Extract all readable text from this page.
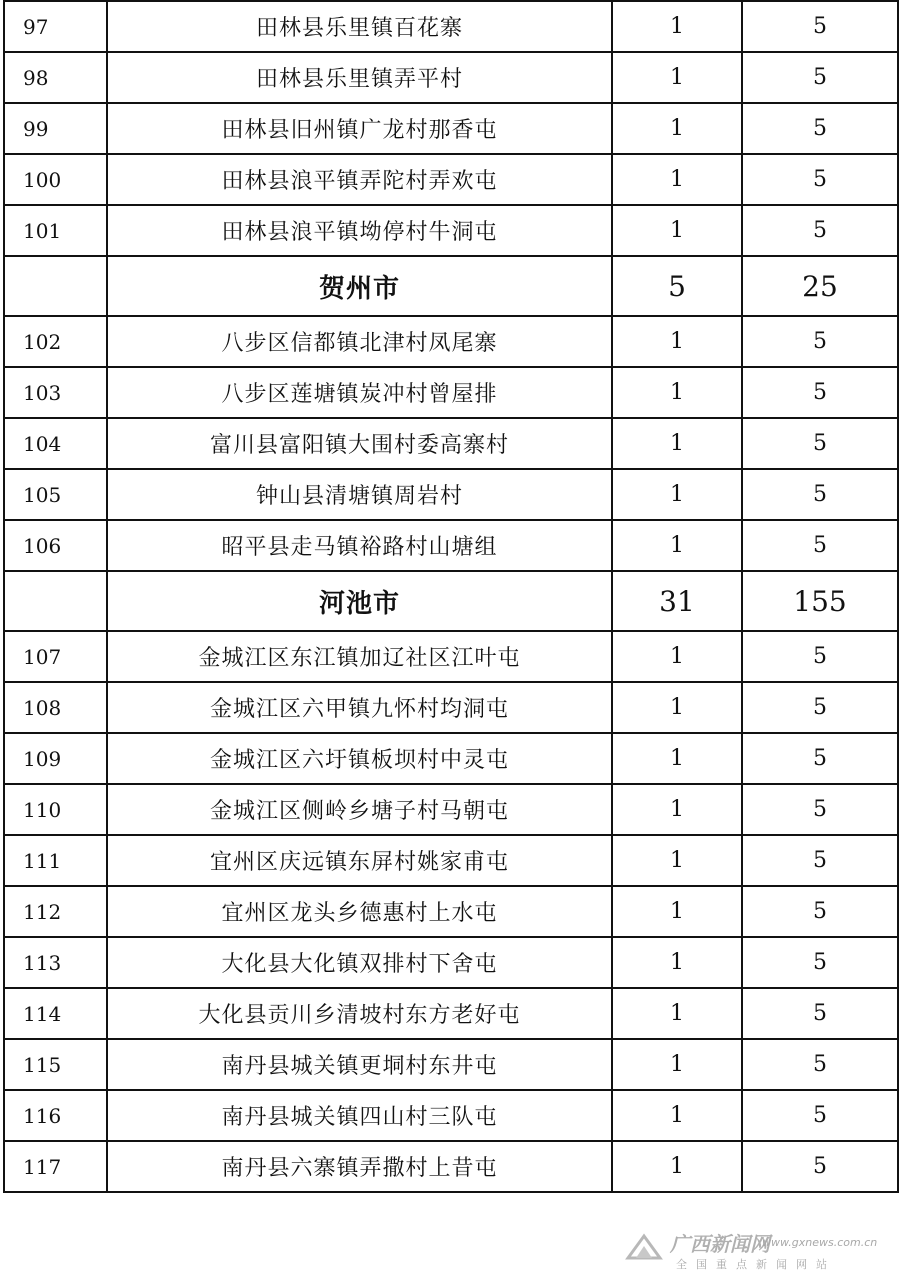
97	田林县乐里镇百花寨	1	5
98	田林县乐里镇弄平村	1	5
99	田林县旧州镇广龙村那香屯	1	5
100	田林县浪平镇弄陀村弄欢屯	1	5
101	田林县浪平镇坳停村牛洞屯	1	5
	贺州市	5	25
102	八步区信都镇北津村凤尾寨	1	5
103	八步区莲塘镇炭冲村曾屋排	1	5
104	富川县富阳镇大围村委高寨村	1	5
105	钟山县清塘镇周岩村	1	5
106	昭平县走马镇裕路村山塘组	1	5
	河池市	31	155
107	金城江区东江镇加辽社区江叶屯	1	5
108	金城江区六甲镇九怀村均洞屯	1	5
109	金城江区六圩镇板坝村中灵屯	1	5
110	金城江区侧岭乡塘子村马朝屯	1	5
111	宜州区庆远镇东屏村姚家甫屯	1	5
112	宜州区龙头乡德惠村上水屯	1	5
113	大化县大化镇双排村下舍屯	1	5
114	大化县贡川乡清坡村东方老好屯	1	5
115	南丹县城关镇更垌村东井屯	1	5
116	南丹县城关镇四山村三队屯	1	5
117	南丹县六寨镇弄撒村上昔屯	1	5
广西新闻网
www.gxnews.com.cn
全国重点新闻网站
